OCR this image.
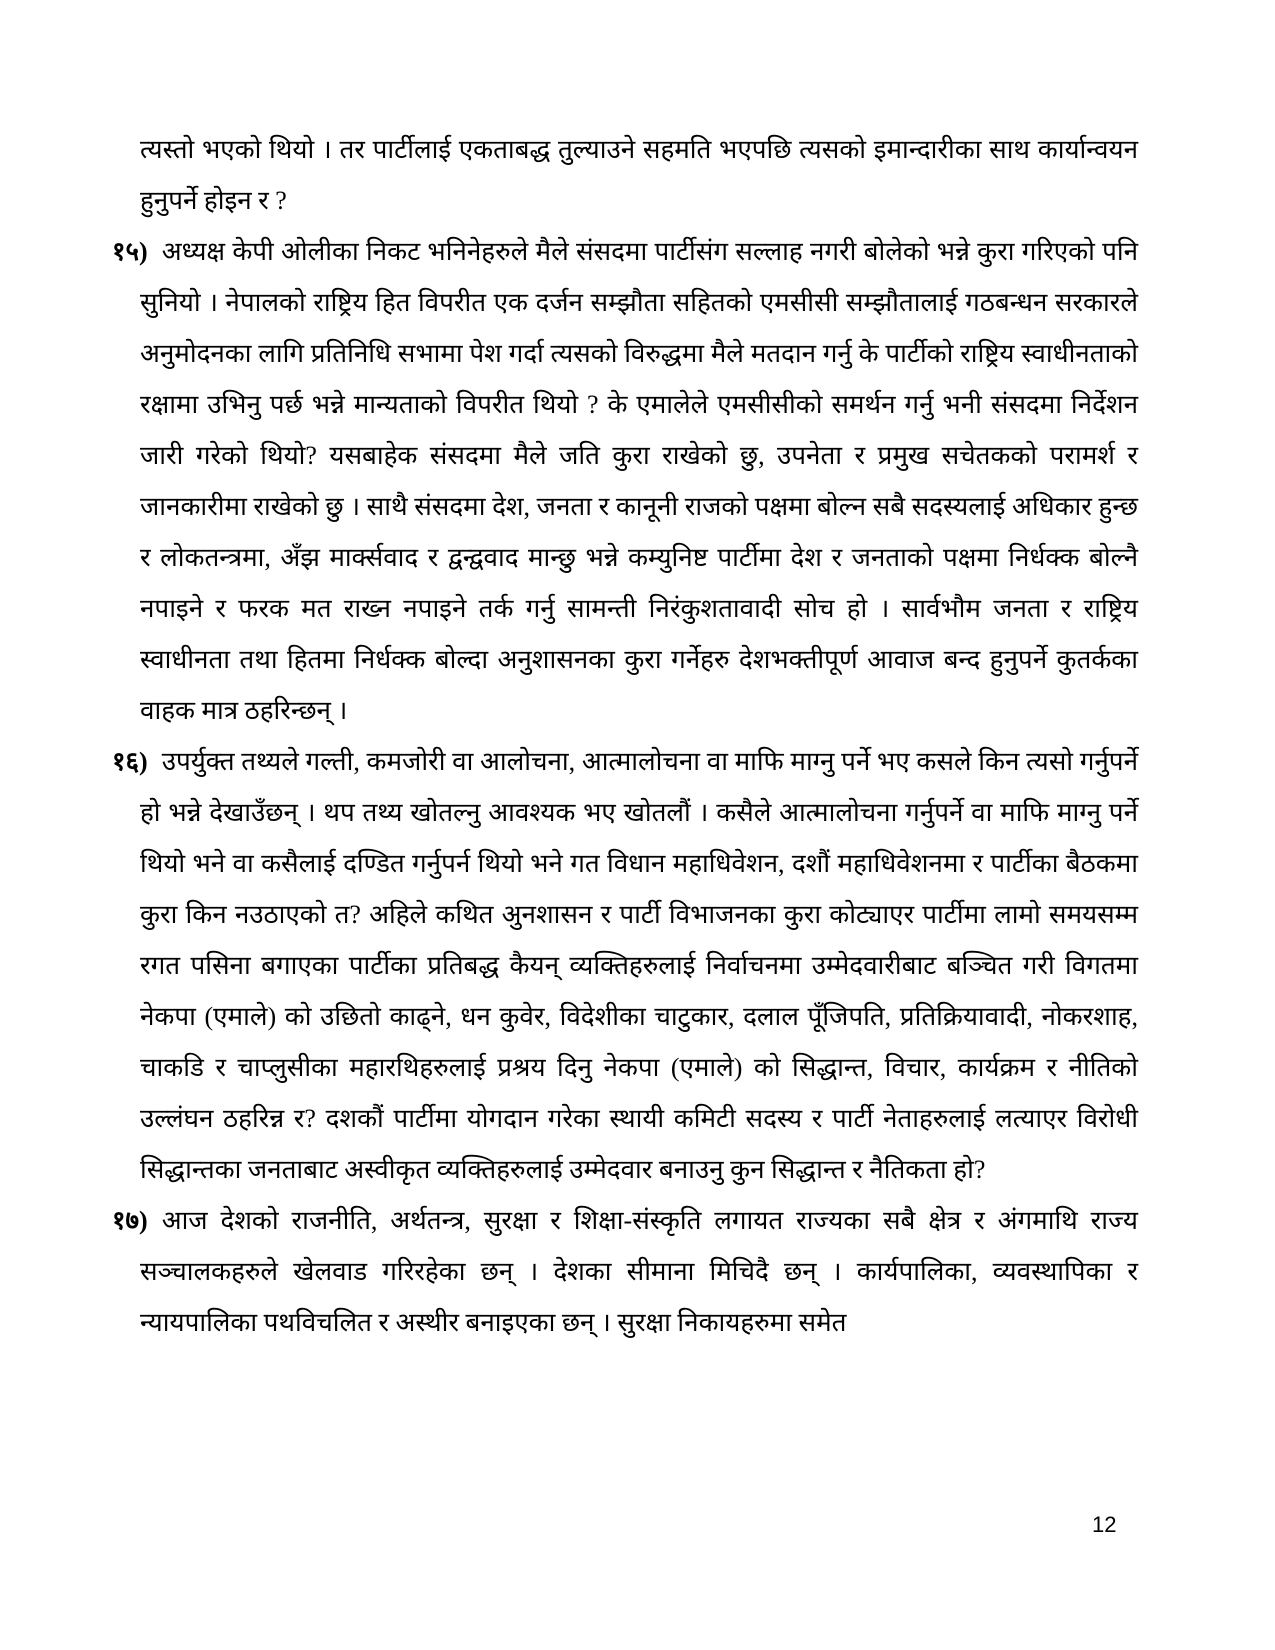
त्यस्तो भएको थियो । तर पार्टीलाई एकताबद्ध तुल्याउने सहमति भएपछि त्यसको इमान्दारीका साथ कार्यान्वयन हुनुपर्ने होइन र ?

१५) अध्यक्ष केपी ओलीका निकट भनिनेहरुले मैले संसदमा पार्टीसंग सल्लाह नगरी बोलेको भन्ने कुरा गरिएको पनि सुनियो । नेपालको राष्ट्रिय हित विपरीत एक दर्जन सम्झौता सहितको एमसीसी सम्झौतालाई गठबन्धन सरकारले अनुमोदनका लागि प्रतिनिधि सभामा पेश गर्दा त्यसको विरुद्धमा मैले मतदान गर्नु के पार्टीको राष्ट्रिय स्वाधीनताको रक्षामा उभिनु पर्छ भन्ने मान्यताको विपरीत थियो ? के एमालेले एमसीसीको समर्थन गर्नु भनी संसदमा निर्देशन जारी गरेको थियो? यसबाहेक संसदमा मैले जति कुरा राखेको छु, उपनेता र प्रमुख सचेतकको परामर्श र जानकारीमा राखेको छु । साथै संसदमा देश, जनता र कानूनी राजको पक्षमा बोल्न सबै सदस्यलाई अधिकार हुन्छ र लोकतन्त्रमा, अँझ मार्क्सवाद र द्वन्द्ववाद मान्छु भन्ने कम्युनिष्ट पार्टीमा देश र जनताको पक्षमा निर्धक्क बोल्नै नपाइने र फरक मत राख्न नपाइने तर्क गर्नु सामन्ती निरंकुशतावादी सोच हो । सार्वभौम जनता र राष्ट्रिय स्वाधीनता तथा हितमा निर्धक्क बोल्दा अनुशासनका कुरा गर्नेहरु देशभक्तीपूर्ण आवाज बन्द हुनुपर्ने कुतर्कका वाहक मात्र ठहरिन्छन् ।

१६) उपर्युक्त तथ्यले गल्ती, कमजोरी वा आलोचना, आत्मालोचना वा माफि माग्नु पर्ने भए कसले किन त्यसो गर्नुपर्ने हो भन्ने देखाउँछन् । थप तथ्य खोतल्नु आवश्यक भए खोतलौं । कसैले आत्मालोचना गर्नुपर्ने वा माफि माग्नु पर्ने थियो भने वा कसैलाई दण्डित गर्नुपर्न थियो भने गत विधान महाधिवेशन, दशौं महाधिवेशनमा र पार्टीका बैठकमा कुरा किन नउठाएको त? अहिले कथित अुनशासन र पार्टी विभाजनका कुरा कोट्याएर पार्टीमा लामो समयसम्म रगत पसिना बगाएका पार्टीका प्रतिबद्ध कैयन् व्यक्तिहरुलाई निर्वाचनमा उम्मेदवारीबाट बञ्चित गरी विगतमा नेकपा (एमाले) को उछितो काढ्ने, धन कुवेर, विदेशीका चाटुकार, दलाल पूँजिपति, प्रतिक्रियावादी, नोकरशाह, चाकडि र चाप्लुसीका महारथिहरुलाई प्रश्रय दिनु नेकपा (एमाले) को सिद्धान्त, विचार, कार्यक्रम र नीतिको उल्लंघन ठहरिन्न र? दशकौं पार्टीमा योगदान गरेका स्थायी कमिटी सदस्य र पार्टी नेताहरुलाई लत्याएर विरोधी सिद्धान्तका जनताबाट अस्वीकृत व्यक्तिहरुलाई उम्मेदवार बनाउनु कुन सिद्धान्त र नैतिकता हो?

१७) आज देशको राजनीति, अर्थतन्त्र, सुरक्षा र शिक्षा-संस्कृति लगायत राज्यका सबै क्षेत्र र अंगमाथि राज्य सञ्चालकहरुले खेलवाड गरिरहेका छन् । देशका सीमाना मिचिदै छन् । कार्यपालिका, व्यवस्थापिका र न्यायपालिका पथविचलित र अस्थीर बनाइएका छन् । सुरक्षा निकायहरुमा समेत

12
